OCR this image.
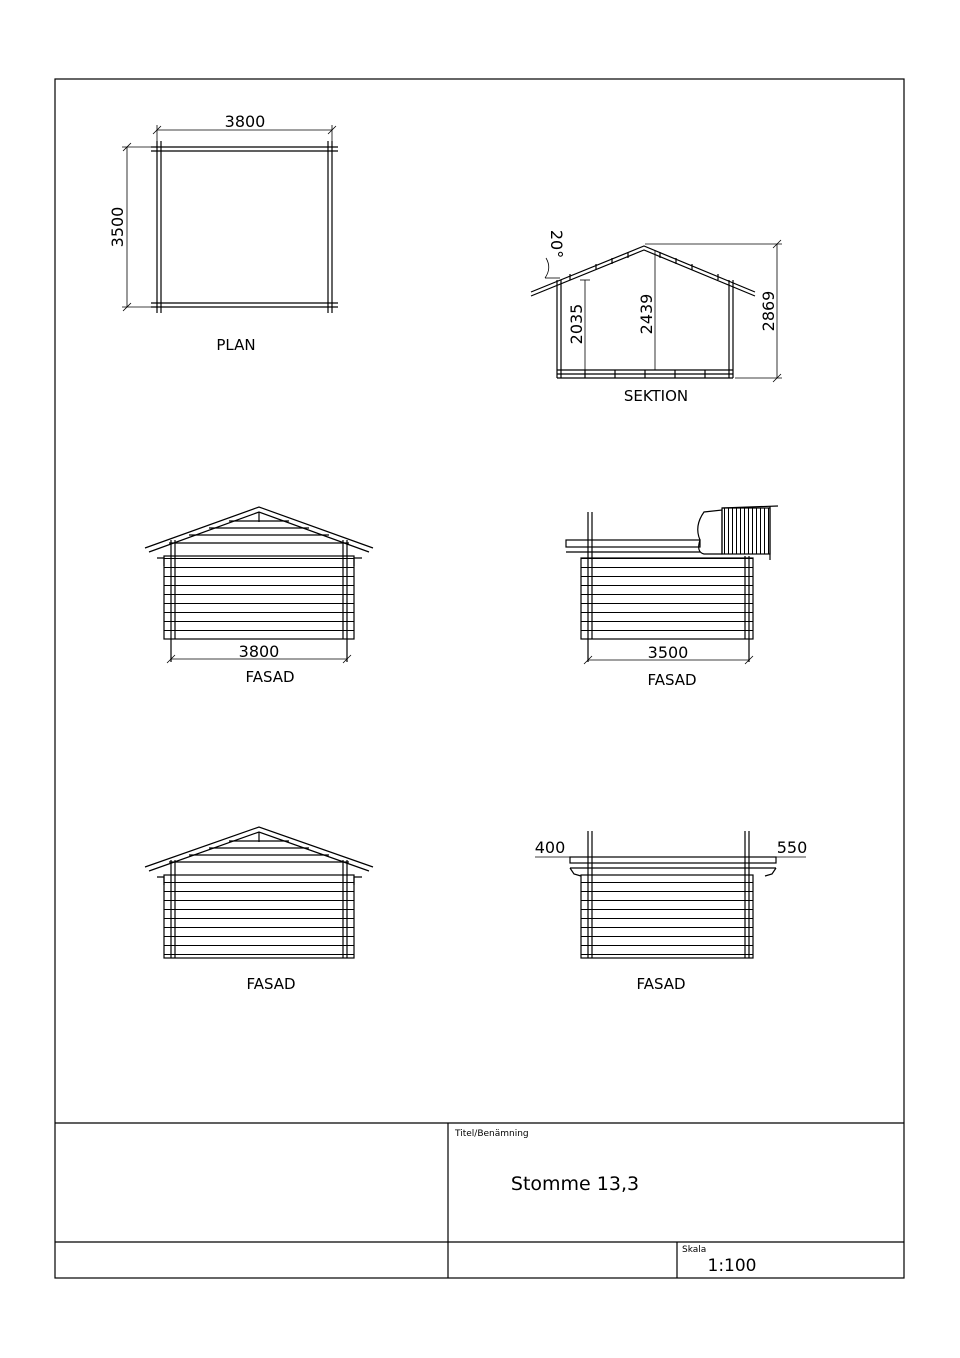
3800
3500
PLAN
20°
2035	2439	2869
SEKTION
3800
FASAD
3500
FASAD
FASAD
400	550
FASAD
Titel/Benämning
Stomme 13,3
Skala
1:100
